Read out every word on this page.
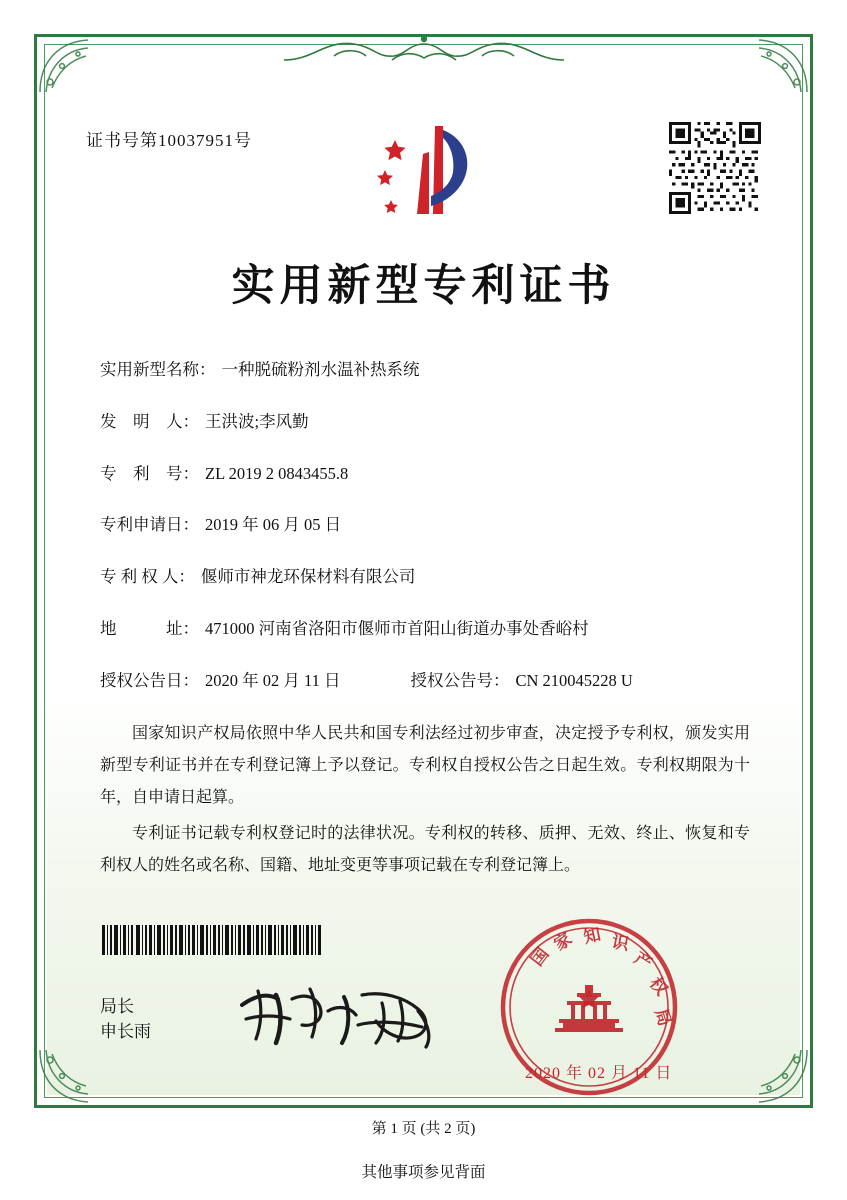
证书号第10037951号
实用新型专利证书
实用新型名称： 一种脱硫粉剂水温补热系统
发　明　人： 王洪波;李风勤
专　利　号： ZL 2019 2 0843455.8
专利申请日： 2019 年 06 月 05 日
专 利 权 人： 偃师市神龙环保材料有限公司
地　　　址： 471000 河南省洛阳市偃师市首阳山街道办事处香峪村
授权公告日： 2020 年 02 月 11 日	授权公告号： CN 210045228 U

国家知识产权局依照中华人民共和国专利法经过初步审查，决定授予专利权，颁发实用新型专利证书并在专利登记簿上予以登记。专利权自授权公告之日起生效。专利权期限为十年，自申请日起算。

专利证书记载专利权登记时的法律状况。专利权的转移、质押、无效、终止、恢复和专利权人的姓名或名称、国籍、地址变更等事项记载在专利登记簿上。

局长
申长雨
国
家 知 识
产
权
局
2020 年 02 月 11 日
第 1 页 (共 2 页)
其他事项参见背面
